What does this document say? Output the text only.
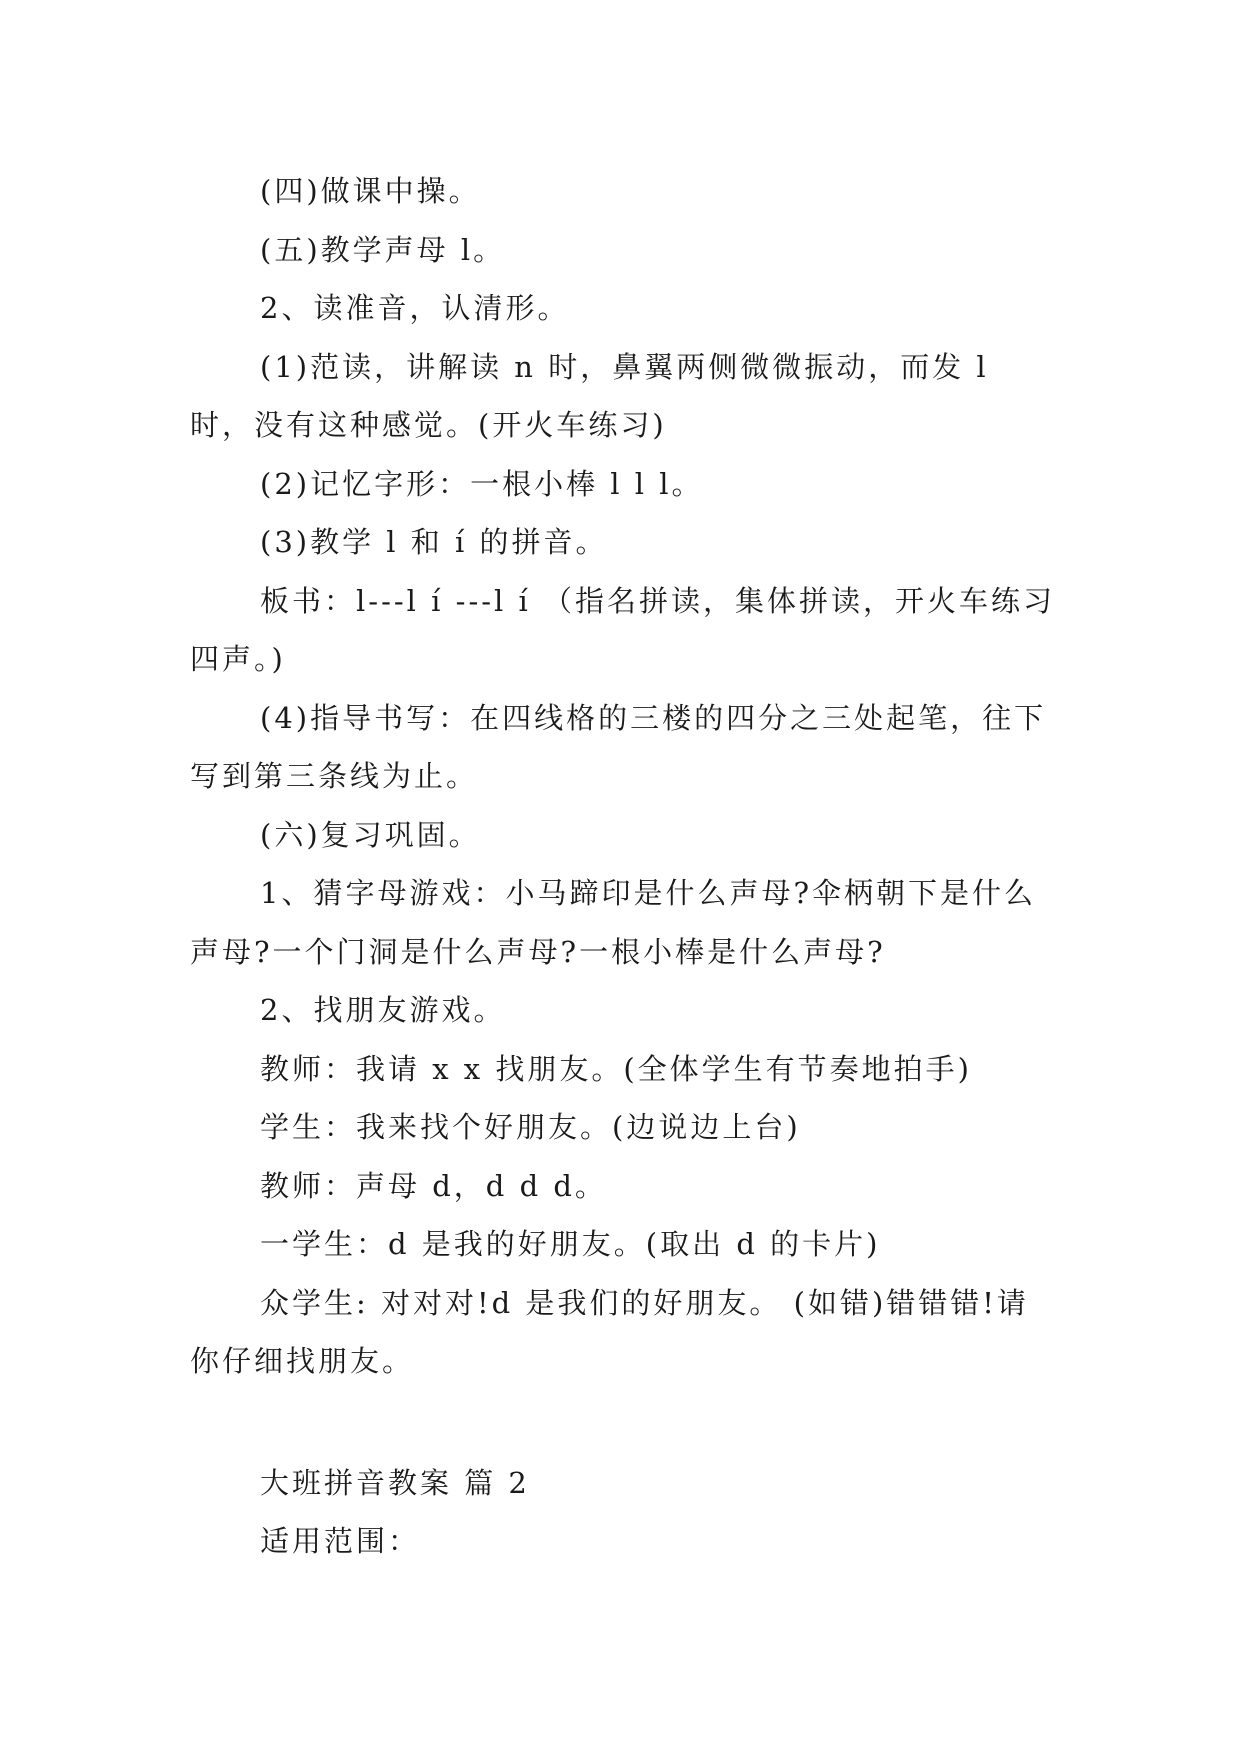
(四)做课中操。

(五)教学声母 l。

2、读准音，认清形。

(1)范读，讲解读 n 时，鼻翼两侧微微振动，而发 l 时，没有这种感觉。(开火车练习)

(2)记忆字形：一根小棒 l l l。

(3)教学 l 和 í 的拼音。

板书：l---l í ---l í （指名拼读，集体拼读，开火车练习四声。)

(4)指导书写：在四线格的三楼的四分之三处起笔，往下写到第三条线为止。

(六)复习巩固。

1、猜字母游戏：小马蹄印是什么声母?伞柄朝下是什么声母?一个门洞是什么声母?一根小棒是什么声母?

2、找朋友游戏。

教师：我请 x x 找朋友。(全体学生有节奏地拍手)

学生：我来找个好朋友。(边说边上台)

教师：声母 d，d d d。

一学生：d 是我的好朋友。(取出 d 的卡片)

众学生: 对对对!d 是我们的好朋友。 (如错)错错错!请你仔细找朋友。

大班拼音教案 篇 2

适用范围：
